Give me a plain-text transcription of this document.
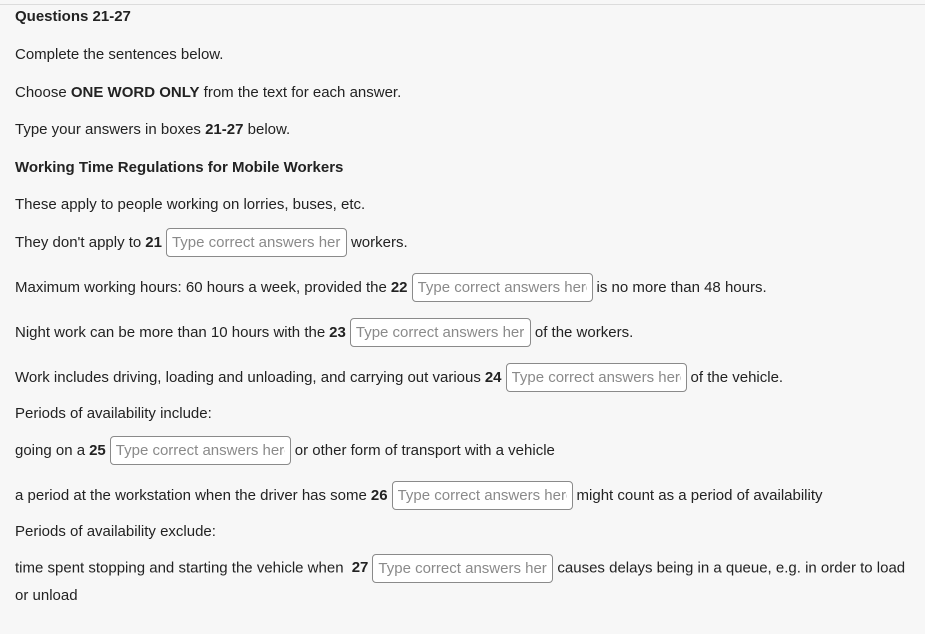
Questions 21-27
Complete the sentences below.
Choose ONE WORD ONLY from the text for each answer.
Type your answers in boxes 21-27 below.
Working Time Regulations for Mobile Workers
These apply to people working on lorries, buses, etc.
They don't apply to 21
Type correct answers here	workers.
Maximum working hours: 60 hours a week, provided the 22
Type correct answers here	is no more than 48 hours.
Night work can be more than 10 hours with the 23
Type correct answers here	of the workers.
Work includes driving, loading and unloading, and carrying out various 24
Type correct answers here	of the vehicle.
Periods of availability include:
going on a 25
Type correct answers here	or other form of transport with a vehicle
a period at the workstation when the driver has some 26
Type correct answers here	might count as a period of availability
Periods of availability exclude:
time spent stopping and starting the vehicle when 27Type correct answers here	causes delays being in a queue, e.g. in order to load or unload
